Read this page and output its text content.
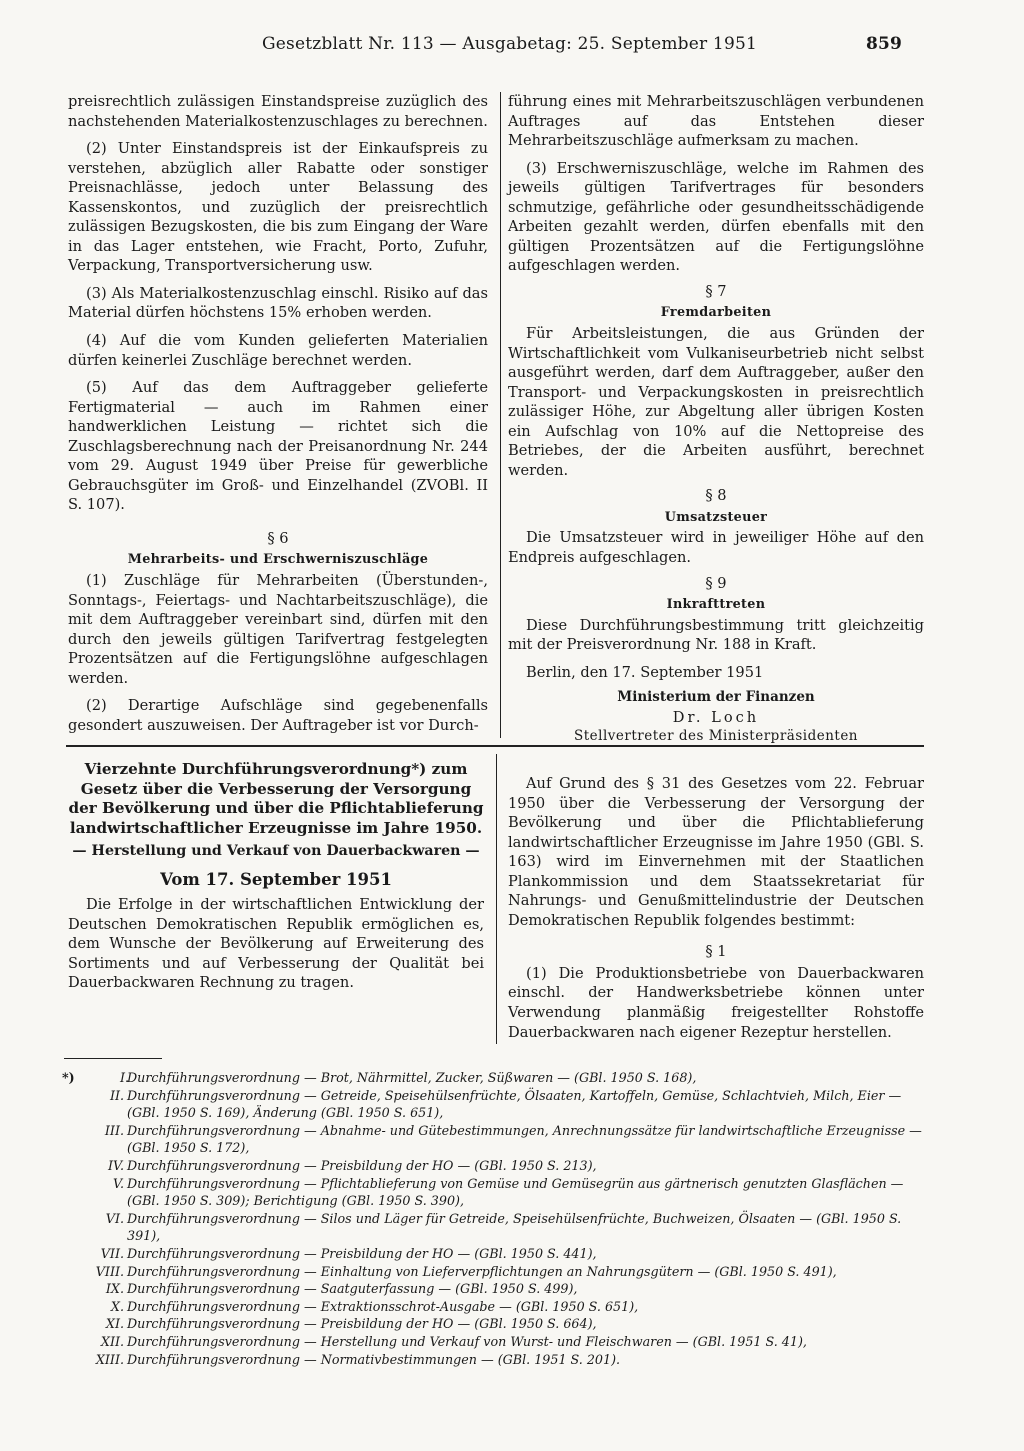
Gesetzblatt Nr. 113 — Ausgabetag: 25. September 1951	859

preisrechtlich zulässigen Einstandspreise zuzüglich des nachstehenden Materialkostenzuschlages zu berechnen.

(2) Unter Einstandspreis ist der Einkaufspreis zu verstehen, abzüglich aller Rabatte oder sonstiger Preisnachlässe, jedoch unter Belassung des Kassenskontos, und zuzüglich der preisrechtlich zulässigen Bezugskosten, die bis zum Eingang der Ware in das Lager entstehen, wie Fracht, Porto, Zufuhr, Verpackung, Transportversicherung usw.

(3) Als Materialkostenzuschlag einschl. Risiko auf das Material dürfen höchstens 15% erhoben werden.

(4) Auf die vom Kunden gelieferten Materialien dürfen keinerlei Zuschläge berechnet werden.

(5) Auf das dem Auftraggeber gelieferte Fertigmaterial — auch im Rahmen einer handwerklichen Leistung — richtet sich die Zuschlagsberechnung nach der Preisanordnung Nr. 244 vom 29. August 1949 über Preise für gewerbliche Gebrauchsgüter im Groß- und Einzelhandel (ZVOBl. II S. 107).

§ 6
Mehrarbeits- und Erschwerniszuschläge

(1) Zuschläge für Mehrarbeiten (Überstunden-, Sonntags-, Feiertags- und Nachtarbeitszuschläge), die mit dem Auftraggeber vereinbart sind, dürfen mit den durch den jeweils gültigen Tarifvertrag festgelegten Prozentsätzen auf die Fertigungslöhne aufgeschlagen werden.

(2) Derartige Aufschläge sind gegebenenfalls gesondert auszuweisen. Der Auftrageber ist vor Durch-

führung eines mit Mehrarbeitszuschlägen verbundenen Auftrages auf das Entstehen dieser Mehrarbeitszuschläge aufmerksam zu machen.

(3) Erschwerniszuschläge, welche im Rahmen des jeweils gültigen Tarifvertrages für besonders schmutzige, gefährliche oder gesundheitsschädigende Arbeiten gezahlt werden, dürfen ebenfalls mit den gültigen Prozentsätzen auf die Fertigungslöhne aufgeschlagen werden.

§ 7
Fremdarbeiten

Für Arbeitsleistungen, die aus Gründen der Wirtschaftlichkeit vom Vulkaniseurbetrieb nicht selbst ausgeführt werden, darf dem Auftraggeber, außer den Transport- und Verpackungskosten in preisrechtlich zulässiger Höhe, zur Abgeltung aller übrigen Kosten ein Aufschlag von 10% auf die Nettopreise des Betriebes, der die Arbeiten ausführt, berechnet werden.

§ 8
Umsatzsteuer

Die Umsatzsteuer wird in jeweiliger Höhe auf den Endpreis aufgeschlagen.

§ 9
Inkrafttreten

Diese Durchführungsbestimmung tritt gleichzeitig mit der Preisverordnung Nr. 188 in Kraft.

Berlin, den 17. September 1951

Ministerium der Finanzen
Dr. Loch
Stellvertreter des Ministerpräsidenten
Vierzehnte Durchführungsverordnung*) zum Gesetz über die Verbesserung der Versorgung der Bevölkerung und über die Pflichtablieferung landwirtschaftlicher Erzeugnisse im Jahre 1950.
— Herstellung und Verkauf von Dauerbackwaren —
Vom 17. September 1951

Die Erfolge in der wirtschaftlichen Entwicklung der Deutschen Demokratischen Republik ermöglichen es, dem Wunsche der Bevölkerung auf Erweiterung des Sortiments und auf Verbesserung der Qualität bei Dauerbackwaren Rechnung zu tragen.

Auf Grund des § 31 des Gesetzes vom 22. Februar 1950 über die Verbesserung der Versorgung der Bevölkerung und über die Pflichtablieferung landwirtschaftlicher Erzeugnisse im Jahre 1950 (GBl. S. 163) wird im Einvernehmen mit der Staatlichen Plankommission und dem Staatssekretariat für Nahrungs- und Genußmittelindustrie der Deutschen Demokratischen Republik folgendes bestimmt:

§ 1

(1) Die Produktionsbetriebe von Dauerbackwaren einschl. der Handwerksbetriebe können unter Verwendung planmäßig freigestellter Rohstoffe Dauerbackwaren nach eigener Rezeptur herstellen.

*)	I.
Durchführungsverordnung — Brot, Nährmittel, Zucker, Süßwaren — (GBl. 1950 S. 168),
II. Durchführungsverordnung — Getreide, Speisehülsenfrüchte, Ölsaaten, Kartoffeln, Gemüse, Schlachtvieh, Milch, Eier — (GBl. 1950 S. 169), Änderung (GBl. 1950 S. 651),
III. Durchführungsverordnung — Abnahme- und Gütebestimmungen, Anrechnungssätze für landwirtschaftliche Erzeugnisse — (GBl. 1950 S. 172),
IV. Durchführungsverordnung — Preisbildung der HO — (GBl. 1950 S. 213),
V. Durchführungsverordnung — Pflichtablieferung von Gemüse und Gemüsegrün aus gärtnerisch genutzten Glasflächen — (GBl. 1950 S. 309); Berichtigung (GBl. 1950 S. 390),
VI. Durchführungsverordnung — Silos und Läger für Getreide, Speisehülsenfrüchte, Buchweizen, Ölsaaten — (GBl. 1950 S. 391),
VII. Durchführungsverordnung — Preisbildung der HO — (GBl. 1950 S. 441),
VIII. Durchführungsverordnung — Einhaltung von Lieferverpflichtungen an Nahrungsgütern — (GBl. 1950 S. 491),
IX. Durchführungsverordnung — Saatguterfassung — (GBl. 1950 S. 499),
X. Durchführungsverordnung — Extraktionsschrot-Ausgabe — (GBl. 1950 S. 651),
XI. Durchführungsverordnung — Preisbildung der HO — (GBl. 1950 S. 664),
XII. Durchführungsverordnung — Herstellung und Verkauf von Wurst- und Fleischwaren — (GBl. 1951 S. 41),
XIII. Durchführungsverordnung — Normativbestimmungen — (GBl. 1951 S. 201).
